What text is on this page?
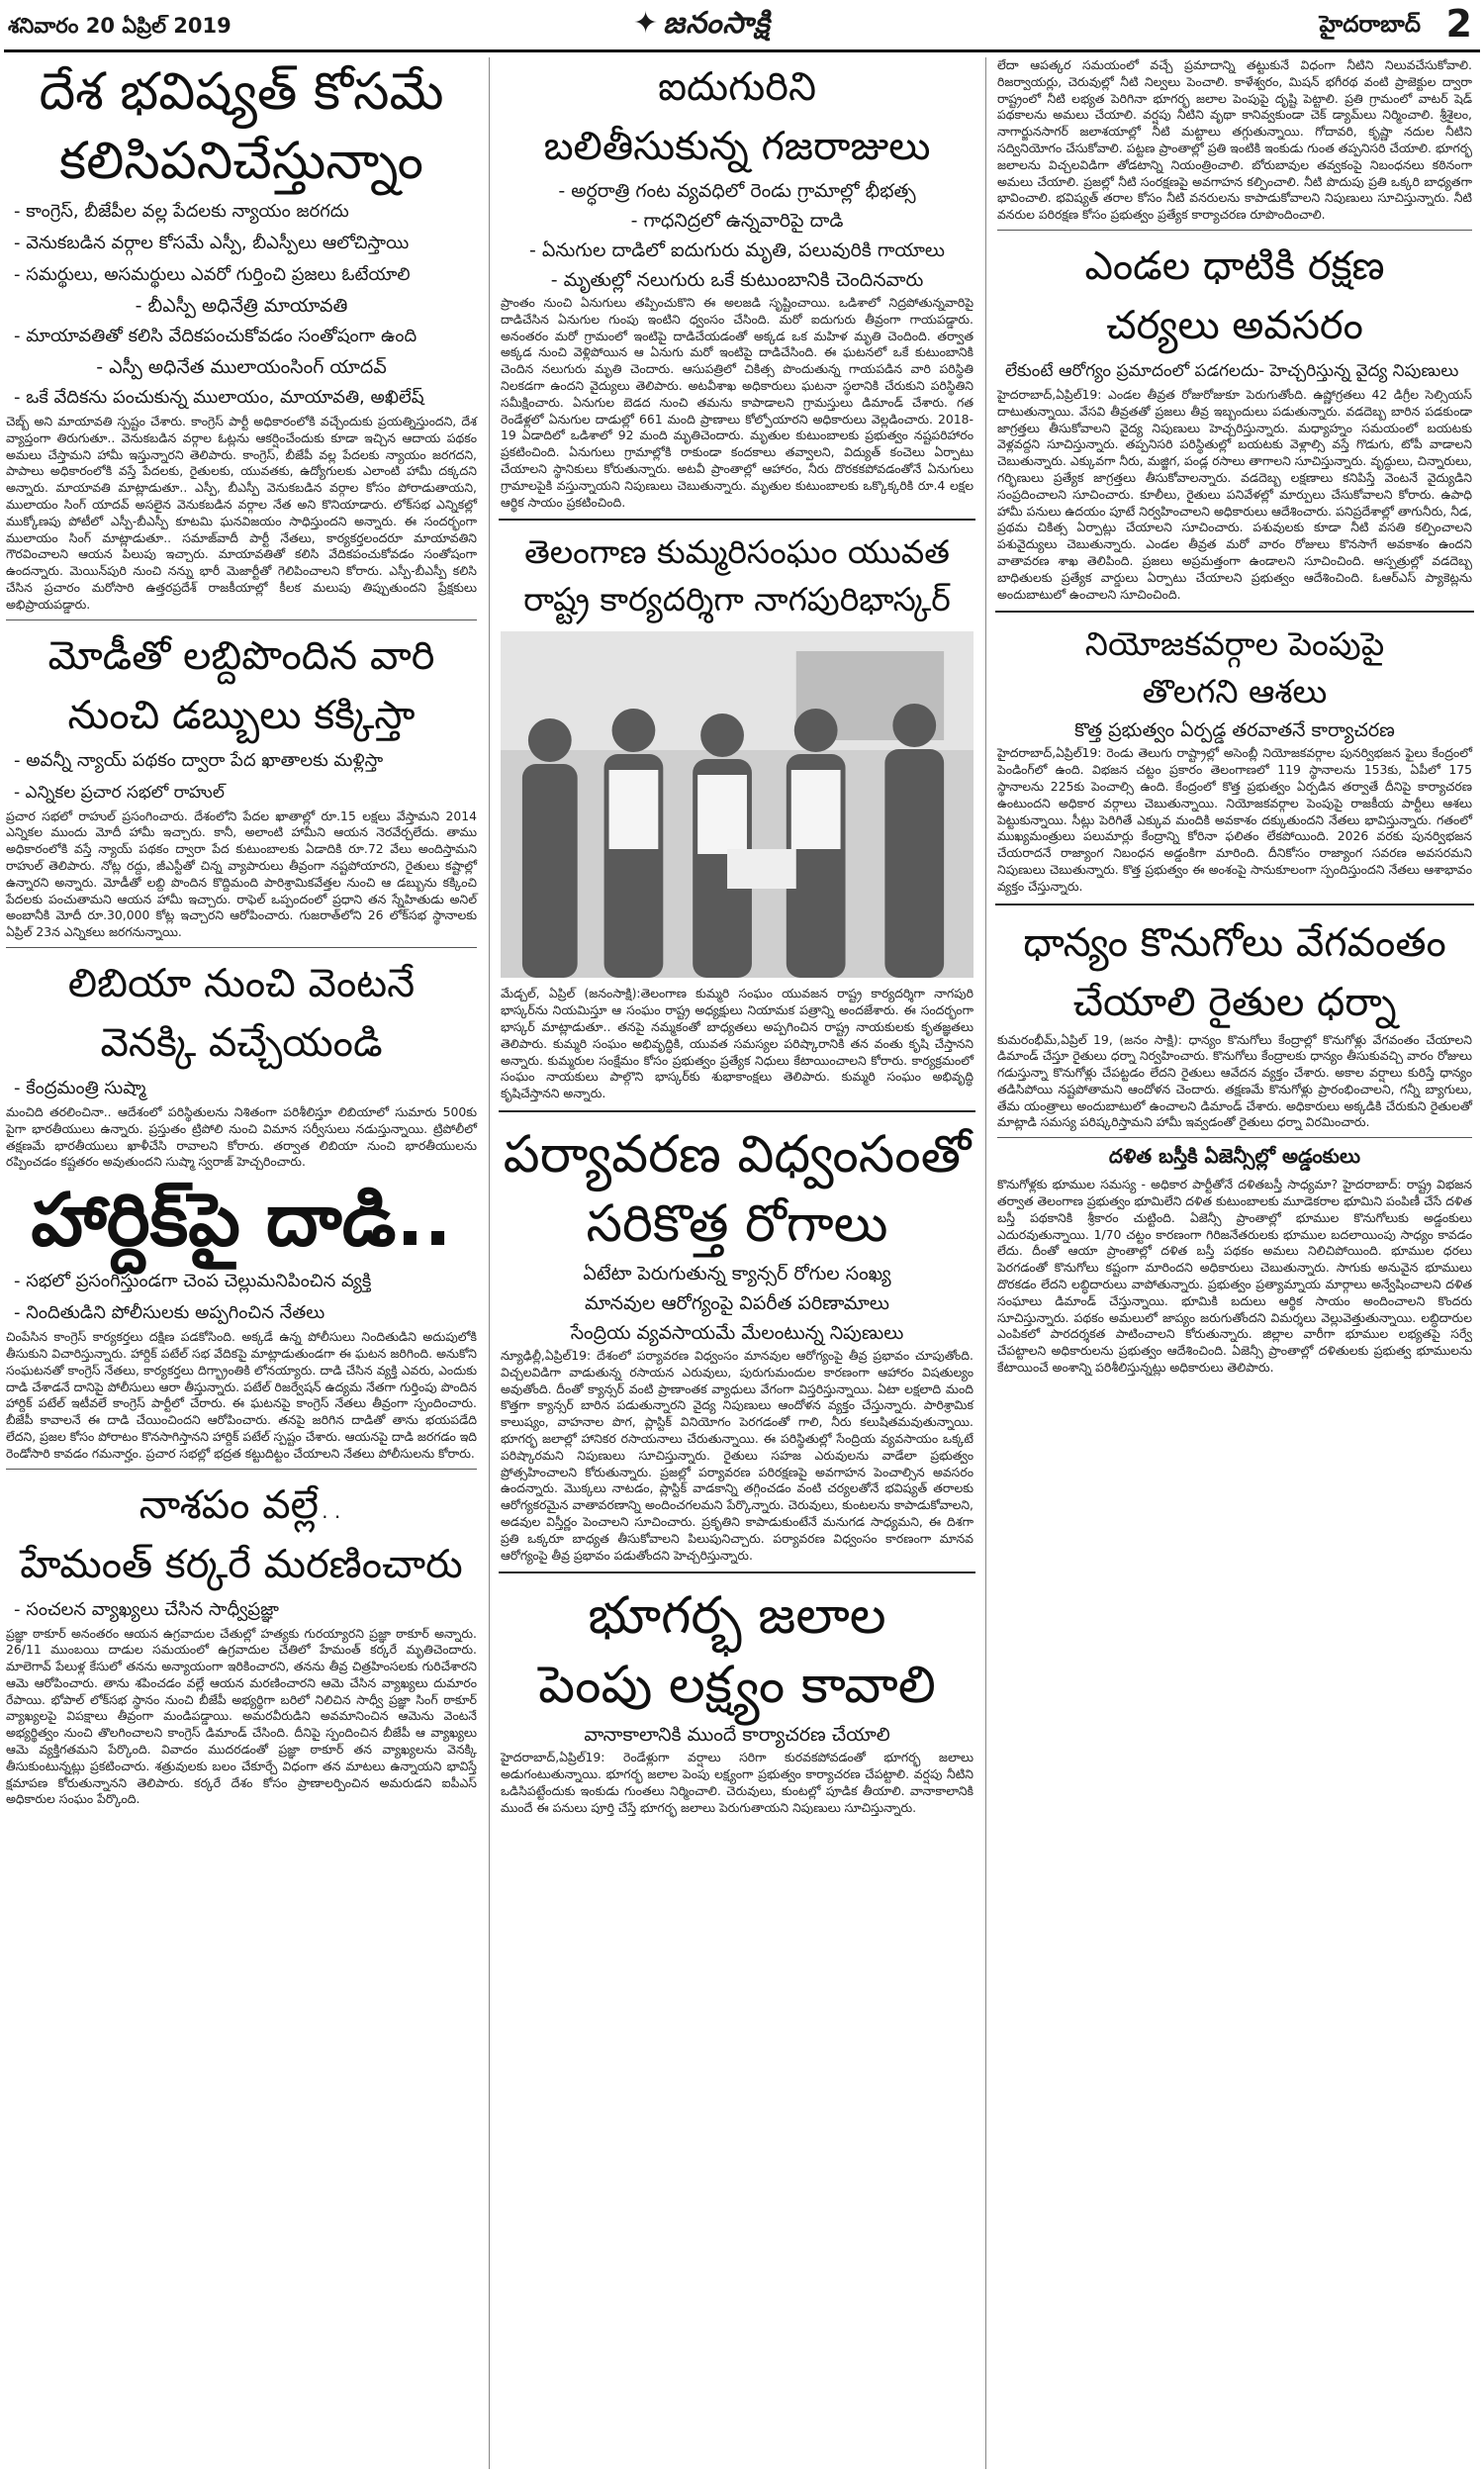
శనివారం 20 ఏప్రిల్ 2019	✦ జనంసాక్షి	హైదరాబాద్ 2
దేశ భవిష్యత్ కోసమే
కలిసిపనిచేస్తున్నాం

- కాంగ్రెస్, బీజేపీల వల్ల పేదలకు న్యాయం జరగదు

- వెనుకబడిన వర్గాల కోసమే ఎస్పీ, బీఎస్పీలు ఆలోచిస్తాయి

- సమర్థులు, అసమర్థులు ఎవరో గుర్తించి ప్రజలు ఓటేయాలి

- బీఎస్పీ అధినేత్రి మాయావతి

- మాయావతితో కలిసి వేదికపంచుకోవడం సంతోషంగా ఉంది

- ఎస్పీ అధినేత ములాయంసింగ్ యాదవ్

- ఒకే వేదికను పంచుకున్న ములాయం, మాయావతి, అఖిలేష్

చెబ్బ్ అని మాయావతి స్పష్టం చేశారు. కాంగ్రెస్ పార్టీ అధికారంలోకి వచ్చేందుకు ప్రయత్నిస్తుందని, దేశ వ్యాప్తంగా తిరుగుతూ.. వెనుకబడిన వర్గాల ఓట్లను ఆకర్షించేందుకు కూడా ఇచ్చిన ఆదాయ పథకం అమలు చేస్తామని హామీ ఇస్తున్నారని తెలిపారు. కాంగ్రెస్, బీజేపీ వల్ల పేదలకు న్యాయం జరగదని, పాపాలు అధికారంలోకి వస్తే పేదలకు, రైతులకు, యువతకు, ఉద్యోగులకు ఎలాంటి హామీ దక్కదని అన్నారు. మాయావతి మాట్లాడుతూ.. ఎస్పీ, బీఎస్పీ వెనుకబడిన వర్గాల కోసం పోరాడుతాయని, ములాయం సింగ్ యాదవ్ అసలైన వెనుకబడిన వర్గాల నేత అని కొనియాడారు. లోక్‌సభ ఎన్నికల్లో ముక్కోణపు పోటీలో ఎస్పీ-బీఎస్పీ కూటమి ఘనవిజయం సాధిస్తుందని అన్నారు. ఈ సందర్భంగా ములాయం సింగ్ మాట్లాడుతూ.. సమాజ్‌వాదీ పార్టీ నేతలు, కార్యకర్తలందరూ మాయావతిని గౌరవించాలని ఆయన పిలుపు ఇచ్చారు. మాయావతితో కలిసి వేదికపంచుకోవడం సంతోషంగా ఉందన్నారు. మెయిన్‌పురి నుంచి నన్ను భారీ మెజార్టీతో గెలిపించాలని కోరారు. ఎస్పీ-బీఎస్పీ కలిసి చేసిన ప్రచారం మరోసారి ఉత్తరప్రదేశ్ రాజకీయాల్లో కీలక మలుపు తిప్పుతుందని ప్రేక్షకులు అభిప్రాయపడ్డారు.

మోడీతో లబ్దిపొందిన వారి
నుంచి డబ్బులు కక్కిస్తా

- అవన్నీ న్యాయ్ పథకం ద్వారా పేద ఖాతాలకు మళ్లిస్తా

- ఎన్నికల ప్రచార సభలో రాహుల్

ప్రచార సభలో రాహుల్ ప్రసంగించారు. దేశంలోని పేదల ఖాతాల్లో రూ.15 లక్షలు వేస్తామని 2014 ఎన్నికల ముందు మోదీ హామీ ఇచ్చారు. కానీ, అలాంటి హామీని ఆయన నెరవేర్చలేదు. తాము అధికారంలోకి వస్తే న్యాయ్ పథకం ద్వారా పేద కుటుంబాలకు ఏడాదికి రూ.72 వేలు అందిస్తామని రాహుల్ తెలిపారు. నోట్ల రద్దు, జీఎస్టీతో చిన్న వ్యాపారులు తీవ్రంగా నష్టపోయారని, రైతులు కష్టాల్లో ఉన్నారని అన్నారు. మోడీతో లబ్ది పొందిన కొద్దిమంది పారిశ్రామికవేత్తల నుంచి ఆ డబ్బును కక్కించి పేదలకు పంచుతామని ఆయన హామీ ఇచ్చారు. రాఫెల్ ఒప్పందంలో ప్రధాని తన స్నేహితుడు అనిల్ అంబానీకి మోదీ రూ.30,000 కోట్ల ఇచ్చారని ఆరోపించారు. గుజరాత్‌లోని 26 లోక్‌సభ స్థానాలకు ఏప్రిల్ 23న ఎన్నికలు జరగనున్నాయి.

లిబియా నుంచి వెంటనే
వెనక్కి వచ్చేయండి

- కేంద్రమంత్రి సుష్మా

మంచిది తరలించినా.. ఆదేశంలో పరిస్థితులను నిశితంగా పరిశీలిస్తూ లిబియాలో సుమారు 500కు పైగా భారతీయులు ఉన్నారు. ప్రస్తుతం ట్రిపోలి నుంచి విమాన సర్వీసులు నడుస్తున్నాయి. ట్రిపోలీలో తక్షణమే భారతీయులు ఖాళీచేసి రావాలని కోరారు. తర్వాత లిబియా నుంచి భారతీయులను రప్పించడం కష్టతరం అవుతుందని సుష్మా స్వరాజ్ హెచ్చరించారు.

హార్దిక్‌పై దాడి..

- సభలో ప్రసంగిస్తుండగా చెంప చెల్లుమనిపించిన వ్యక్తి

- నిందితుడిని పోలీసులకు అప్పగించిన నేతలు

చింపేసిన కాంగ్రెస్ కార్యకర్తలు దక్షిణ పడకోసింది. అక్కడే ఉన్న పోలీసులు నిందితుడిని అదుపులోకి తీసుకుని విచారిస్తున్నారు. హార్దిక్ పటేల్ సభ వేదికపై మాట్లాడుతుండగా ఈ ఘటన జరిగింది. అనుకోని సంఘటనతో కాంగ్రెస్ నేతలు, కార్యకర్తలు దిగ్భ్రాంతికి లోనయ్యారు. దాడి చేసిన వ్యక్తి ఎవరు, ఎందుకు దాడి చేశాడనే దానిపై పోలీసులు ఆరా తీస్తున్నారు. పటేల్ రిజర్వేషన్ ఉద్యమ నేతగా గుర్తింపు పొందిన హార్దిక్ పటేల్ ఇటీవలే కాంగ్రెస్ పార్టీలో చేరారు. ఈ ఘటనపై కాంగ్రెస్ నేతలు తీవ్రంగా స్పందించారు. బీజేపీ కావాలనే ఈ దాడి చేయించిందని ఆరోపించారు. తనపై జరిగిన దాడితో తాను భయపడేది లేదని, ప్రజల కోసం పోరాటం కొనసాగిస్తానని హార్దిక్ పటేల్ స్పష్టం చేశారు. ఆయనపై దాడి జరగడం ఇది రెండోసారి కావడం గమనార్హం. ప్రచార సభల్లో భద్రత కట్టుదిట్టం చేయాలని నేతలు పోలీసులను కోరారు.

నాశపం వల్లే..
హేమంత్ కర్కరే మరణించారు

- సంచలన వ్యాఖ్యలు చేసిన సాధ్వీప్రజ్ఞా

ప్రజ్ఞా ఠాకూర్ అనంతరం ఆయన ఉగ్రవాదుల చేతుల్లో హత్యకు గురయ్యారని ప్రజ్ఞా ఠాకూర్ అన్నారు. 26/11 ముంబయి దాడుల సమయంలో ఉగ్రవాదుల చేతిలో హేమంత్ కర్కరే మృతిచెందారు. మాలెగావ్ పేలుళ్ల కేసులో తనను అన్యాయంగా ఇరికించారని, తనను తీవ్ర చిత్రహింసలకు గురిచేశారని ఆమె ఆరోపించారు. తాను శపించడం వల్లే ఆయన మరణించారని ఆమె చేసిన వ్యాఖ్యలు దుమారం రేపాయి. భోపాల్ లోక్‌సభ స్థానం నుంచి బీజేపీ అభ్యర్థిగా బరిలో నిలిచిన సాధ్వీ ప్రజ్ఞా సింగ్ ఠాకూర్ వ్యాఖ్యలపై విపక్షాలు తీవ్రంగా మండిపడ్డాయి. అమరవీరుడిని అవమానించిన ఆమెను వెంటనే అభ్యర్థిత్వం నుంచి తొలగించాలని కాంగ్రెస్ డిమాండ్ చేసింది. దీనిపై స్పందించిన బీజేపీ ఆ వ్యాఖ్యలు ఆమె వ్యక్తిగతమని పేర్కొంది. వివాదం ముదరడంతో ప్రజ్ఞా ఠాకూర్ తన వ్యాఖ్యలను వెనక్కి తీసుకుంటున్నట్లు ప్రకటించారు. శత్రువులకు బలం చేకూర్చే విధంగా తన మాటలు ఉన్నాయని భావిస్తే క్షమాపణ కోరుతున్నానని తెలిపారు. కర్కరే దేశం కోసం ప్రాణాలర్పించిన అమరుడని ఐపీఎస్ అధికారుల సంఘం పేర్కొంది.

ఐదుగురిని
బలితీసుకున్న గజరాజులు

- అర్ధరాత్రి గంట వ్యవధిలో రెండు గ్రామాల్లో భీభత్స

- గాధనిద్రలో ఉన్నవారిపై దాడి

- ఏనుగుల దాడిలో ఐదుగురు మృతి, పలువురికి గాయాలు

- మృతుల్లో నలుగురు ఒకే కుటుంబానికి చెందినవారు

ప్రాంతం నుంచి ఏనుగులు తప్పించుకొని ఈ అలజడి సృష్టించాయి. ఒడిశాలో నిద్రపోతున్నవారిపై దాడిచేసిన ఏనుగుల గుంపు ఇంటిని ధ్వంసం చేసింది. మరో ఐదుగురు తీవ్రంగా గాయపడ్డారు. అనంతరం మరో గ్రామంలో ఇంటిపై దాడిచేయడంతో అక్కడ ఒక మహిళ మృతి చెందింది. తర్వాత అక్కడ నుంచి వెళ్లిపోయిన ఆ ఏనుగు మరో ఇంటిపై దాడిచేసింది. ఈ ఘటనలో ఒకే కుటుంబానికి చెందిన నలుగురు మృతి చెందారు. ఆసుపత్రిలో చికిత్స పొందుతున్న గాయపడిన వారి పరిస్థితి నిలకడగా ఉందని వైద్యులు తెలిపారు. అటవీశాఖ అధికారులు ఘటనా స్థలానికి చేరుకుని పరిస్థితిని సమీక్షించారు. ఏనుగుల బెడద నుంచి తమను కాపాడాలని గ్రామస్తులు డిమాండ్ చేశారు. గత రెండేళ్లలో ఏనుగుల దాడుల్లో 661 మంది ప్రాణాలు కోల్పోయారని అధికారులు వెల్లడించారు. 2018-19 ఏడాదిలో ఒడిశాలో 92 మంది మృతిచెందారు. మృతుల కుటుంబాలకు ప్రభుత్వం నష్టపరిహారం ప్రకటించింది. ఏనుగులు గ్రామాల్లోకి రాకుండా కందకాలు తవ్వాలని, విద్యుత్ కంచెలు ఏర్పాటు చేయాలని స్థానికులు కోరుతున్నారు. అటవీ ప్రాంతాల్లో ఆహారం, నీరు దొరకకపోవడంతోనే ఏనుగులు గ్రామాలపైకి వస్తున్నాయని నిపుణులు చెబుతున్నారు. మృతుల కుటుంబాలకు ఒక్కొక్కరికి రూ.4 లక్షల ఆర్థిక సాయం ప్రకటించింది.

తెలంగాణ కుమ్మరిసంఘం యువత
రాష్ట్ర కార్యదర్శిగా నాగపురిభాస్కర్

మేడ్చల్, ఏప్రిల్ (జనంసాక్షి):తెలంగాణ కుమ్మరి సంఘం యువజన రాష్ట్ర కార్యదర్శిగా నాగపురి భాస్కర్‌ను నియమిస్తూ ఆ సంఘం రాష్ట్ర అధ్యక్షులు నియామక పత్రాన్ని అందజేశారు. ఈ సందర్భంగా భాస్కర్ మాట్లాడుతూ.. తనపై నమ్మకంతో బాధ్యతలు అప్పగించిన రాష్ట్ర నాయకులకు కృతజ్ఞతలు తెలిపారు. కుమ్మరి సంఘం అభివృద్ధికి, యువత సమస్యల పరిష్కారానికి తన వంతు కృషి చేస్తానని అన్నారు. కుమ్మరుల సంక్షేమం కోసం ప్రభుత్వం ప్రత్యేక నిధులు కేటాయించాలని కోరారు. కార్యక్రమంలో సంఘం నాయకులు పాల్గొని భాస్కర్‌కు శుభాకాంక్షలు తెలిపారు. కుమ్మరి సంఘం అభివృద్ధి కృషిచేస్తానని అన్నారు.

పర్యావరణ విధ్వంసంతో
సరికొత్త రోగాలు

ఏటేటా పెరుగుతున్న క్యాన్సర్ రోగుల సంఖ్య

మానవుల ఆరోగ్యంపై విపరీత పరిణామాలు

సేంద్రియ వ్యవసాయమే మేలంటున్న నిపుణులు

న్యూఢిల్లీ,ఏప్రిల్19: దేశంలో పర్యావరణ విధ్వంసం మానవుల ఆరోగ్యంపై తీవ్ర ప్రభావం చూపుతోంది. విచ్చలవిడిగా వాడుతున్న రసాయన ఎరువులు, పురుగుమందుల కారణంగా ఆహారం విషతుల్యం అవుతోంది. దీంతో క్యాన్సర్ వంటి ప్రాణాంతక వ్యాధులు వేగంగా విస్తరిస్తున్నాయి. ఏటా లక్షలాది మంది కొత్తగా క్యాన్సర్ బారిన పడుతున్నారని వైద్య నిపుణులు ఆందోళన వ్యక్తం చేస్తున్నారు. పారిశ్రామిక కాలుష్యం, వాహనాల పొగ, ప్లాస్టిక్ వినియోగం పెరగడంతో గాలి, నీరు కలుషితమవుతున్నాయి. భూగర్భ జలాల్లో హానికర రసాయనాలు చేరుతున్నాయి. ఈ పరిస్థితుల్లో సేంద్రియ వ్యవసాయం ఒక్కటే పరిష్కారమని నిపుణులు సూచిస్తున్నారు. రైతులు సహజ ఎరువులను వాడేలా ప్రభుత్వం ప్రోత్సహించాలని కోరుతున్నారు. ప్రజల్లో పర్యావరణ పరిరక్షణపై అవగాహన పెంచాల్సిన అవసరం ఉందన్నారు. మొక్కలు నాటడం, ప్లాస్టిక్ వాడకాన్ని తగ్గించడం వంటి చర్యలతోనే భవిష్యత్ తరాలకు ఆరోగ్యకరమైన వాతావరణాన్ని అందించగలమని పేర్కొన్నారు. చెరువులు, కుంటలను కాపాడుకోవాలని, అడవుల విస్తీర్ణం పెంచాలని సూచించారు. ప్రకృతిని కాపాడుకుంటేనే మనుగడ సాధ్యమని, ఈ దిశగా ప్రతి ఒక్కరూ బాధ్యత తీసుకోవాలని పిలుపునిచ్చారు. పర్యావరణ విధ్వంసం కారణంగా మానవ ఆరోగ్యంపై తీవ్ర ప్రభావం పడుతోందని హెచ్చరిస్తున్నారు.

భూగర్భ జలాల
పెంపు లక్ష్యం కావాలి

వానాకాలానికి ముందే కార్యాచరణ చేయాలి

హైదరాబాద్,ఏప్రిల్19: రెండేళ్లుగా వర్షాలు సరిగా కురవకపోవడంతో భూగర్భ జలాలు అడుగంటుతున్నాయి. భూగర్భ జలాల పెంపు లక్ష్యంగా ప్రభుత్వం కార్యాచరణ చేపట్టాలి. వర్షపు నీటిని ఒడిసిపట్టేందుకు ఇంకుడు గుంతలు నిర్మించాలి. చెరువులు, కుంటల్లో పూడిక తీయాలి. వానాకాలానికి ముందే ఈ పనులు పూర్తి చేస్తే భూగర్భ జలాలు పెరుగుతాయని నిపుణులు సూచిస్తున్నారు.

లేదా ఆపత్కర సమయంలో వచ్చే ప్రమాదాన్ని తట్టుకునే విధంగా నీటిని నిలువచేసుకోవాలి. రిజర్వాయర్లు, చెరువుల్లో నీటి నిల్వలు పెంచాలి. కాళేశ్వరం, మిషన్ భగీరథ వంటి ప్రాజెక్టుల ద్వారా రాష్ట్రంలో నీటి లభ్యత పెరిగినా భూగర్భ జలాల పెంపుపై దృష్టి పెట్టాలి. ప్రతి గ్రామంలో వాటర్ షెడ్ పథకాలను అమలు చేయాలి. వర్షపు నీటిని వృథా కానివ్వకుండా చెక్ డ్యామ్‌లు నిర్మించాలి. శ్రీశైలం, నాగార్జునసాగర్ జలాశయాల్లో నీటి మట్టాలు తగ్గుతున్నాయి. గోదావరి, కృష్ణా నదుల నీటిని సద్వినియోగం చేసుకోవాలి. పట్టణ ప్రాంతాల్లో ప్రతి ఇంటికి ఇంకుడు గుంత తప్పనిసరి చేయాలి. భూగర్భ జలాలను విచ్చలవిడిగా తోడటాన్ని నియంత్రించాలి. బోరుబావుల తవ్వకంపై నిబంధనలు కఠినంగా అమలు చేయాలి. ప్రజల్లో నీటి సంరక్షణపై అవగాహన కల్పించాలి. నీటి పొదుపు ప్రతి ఒక్కరి బాధ్యతగా భావించాలి. భవిష్యత్ తరాల కోసం నీటి వనరులను కాపాడుకోవాలని నిపుణులు సూచిస్తున్నారు. నీటి వనరుల పరిరక్షణ కోసం ప్రభుత్వం ప్రత్యేక కార్యాచరణ రూపొందించాలి.

ఎండల ధాటికి రక్షణ
చర్యలు అవసరం

లేకుంటే ఆరోగ్యం ప్రమాదంలో పడగలదు- హెచ్చరిస్తున్న వైద్య నిపుణులు

హైదరాబాద్,ఏప్రిల్19: ఎండల తీవ్రత రోజురోజుకూ పెరుగుతోంది. ఉష్ణోగ్రతలు 42 డిగ్రీల సెల్సియస్ దాటుతున్నాయి. వేసవి తీవ్రతతో ప్రజలు తీవ్ర ఇబ్బందులు పడుతున్నారు. వడదెబ్బ బారిన పడకుండా జాగ్రత్తలు తీసుకోవాలని వైద్య నిపుణులు హెచ్చరిస్తున్నారు. మధ్యాహ్నం సమయంలో బయటకు వెళ్లవద్దని సూచిస్తున్నారు. తప్పనిసరి పరిస్థితుల్లో బయటకు వెళ్లాల్సి వస్తే గొడుగు, టోపీ వాడాలని చెబుతున్నారు. ఎక్కువగా నీరు, మజ్జిగ, పండ్ల రసాలు తాగాలని సూచిస్తున్నారు. వృద్ధులు, చిన్నారులు, గర్భిణులు ప్రత్యేక జాగ్రత్తలు తీసుకోవాలన్నారు. వడదెబ్బ లక్షణాలు కనిపిస్తే వెంటనే వైద్యుడిని సంప్రదించాలని సూచించారు. కూలీలు, రైతులు పనివేళల్లో మార్పులు చేసుకోవాలని కోరారు. ఉపాధి హామీ పనులు ఉదయం పూటే నిర్వహించాలని అధికారులు ఆదేశించారు. పనిప్రదేశాల్లో తాగునీరు, నీడ, ప్రథమ చికిత్స ఏర్పాట్లు చేయాలని సూచించారు. పశువులకు కూడా నీటి వసతి కల్పించాలని పశువైద్యులు చెబుతున్నారు. ఎండల తీవ్రత మరో వారం రోజులు కొనసాగే అవకాశం ఉందని వాతావరణ శాఖ తెలిపింది. ప్రజలు అప్రమత్తంగా ఉండాలని సూచించింది. ఆస్పత్రుల్లో వడదెబ్బ బాధితులకు ప్రత్యేక వార్డులు ఏర్పాటు చేయాలని ప్రభుత్వం ఆదేశించింది. ఓఆర్ఎస్ ప్యాకెట్లను అందుబాటులో ఉంచాలని సూచించింది.

నియోజకవర్గాల పెంపుపై
తొలగని ఆశలు

కొత్త ప్రభుత్వం ఏర్పడ్డ తరవాతనే కార్యాచరణ

హైదరాబాద్,ఏప్రిల్19: రెండు తెలుగు రాష్ట్రాల్లో అసెంబ్లీ నియోజకవర్గాల పునర్విభజన ఫైలు కేంద్రంలో పెండింగ్‌లో ఉంది. విభజన చట్టం ప్రకారం తెలంగాణలో 119 స్థానాలను 153కు, ఏపీలో 175 స్థానాలను 225కు పెంచాల్సి ఉంది. కేంద్రంలో కొత్త ప్రభుత్వం ఏర్పడిన తర్వాతే దీనిపై కార్యాచరణ ఉంటుందని అధికార వర్గాలు చెబుతున్నాయి. నియోజకవర్గాల పెంపుపై రాజకీయ పార్టీలు ఆశలు పెట్టుకున్నాయి. సీట్లు పెరిగితే ఎక్కువ మందికి అవకాశం దక్కుతుందని నేతలు భావిస్తున్నారు. గతంలో ముఖ్యమంత్రులు పలుమార్లు కేంద్రాన్ని కోరినా ఫలితం లేకపోయింది. 2026 వరకు పునర్విభజన చేయరాదనే రాజ్యాంగ నిబంధన అడ్డంకిగా మారింది. దీనికోసం రాజ్యాంగ సవరణ అవసరమని నిపుణులు చెబుతున్నారు. కొత్త ప్రభుత్వం ఈ అంశంపై సానుకూలంగా స్పందిస్తుందని నేతలు ఆశాభావం వ్యక్తం చేస్తున్నారు.

ధాన్యం కొనుగోలు వేగవంతం
చేయాలి రైతుల ధర్నా

కుమరంభీమ్,ఏప్రిల్ 19, (జనం సాక్షి): ధాన్యం కొనుగోలు కేంద్రాల్లో కొనుగోళ్లు వేగవంతం చేయాలని డిమాండ్ చేస్తూ రైతులు ధర్నా నిర్వహించారు. కొనుగోలు కేంద్రాలకు ధాన్యం తీసుకువచ్చి వారం రోజులు గడుస్తున్నా కొనుగోళ్లు చేపట్టడం లేదని రైతులు ఆవేదన వ్యక్తం చేశారు. అకాల వర్షాలు కురిస్తే ధాన్యం తడిసిపోయి నష్టపోతామని ఆందోళన చెందారు. తక్షణమే కొనుగోళ్లు ప్రారంభించాలని, గన్నీ బ్యాగులు, తేమ యంత్రాలు అందుబాటులో ఉంచాలని డిమాండ్ చేశారు. అధికారులు అక్కడికి చేరుకుని రైతులతో మాట్లాడి సమస్య పరిష్కరిస్తామని హామీ ఇవ్వడంతో రైతులు ధర్నా విరమించారు.

దళిత బస్తీకి ఏజెన్సీల్లో అడ్డంకులు

కొనుగోళ్లకు భూముల సమస్య - అధికార పార్టీతోనే దళితబస్తీ సాధ్యమా? హైదరాబాద్: రాష్ట్ర విభజన తర్వాత తెలంగాణ ప్రభుత్వం భూమిలేని దళిత కుటుంబాలకు మూడెకరాల భూమిని పంపిణీ చేసే దళిత బస్తీ పథకానికి శ్రీకారం చుట్టింది. ఏజెన్సీ ప్రాంతాల్లో భూముల కొనుగోలుకు అడ్డంకులు ఎదురవుతున్నాయి. 1/70 చట్టం కారణంగా గిరిజనేతరులకు భూముల బదలాయింపు సాధ్యం కావడం లేదు. దీంతో ఆయా ప్రాంతాల్లో దళిత బస్తీ పథకం అమలు నిలిచిపోయింది. భూముల ధరలు పెరగడంతో కొనుగోలు కష్టంగా మారిందని అధికారులు చెబుతున్నారు. సాగుకు అనువైన భూములు దొరకడం లేదని లబ్ధిదారులు వాపోతున్నారు. ప్రభుత్వం ప్రత్యామ్నాయ మార్గాలు అన్వేషించాలని దళిత సంఘాలు డిమాండ్ చేస్తున్నాయి. భూమికి బదులు ఆర్థిక సాయం అందించాలని కొందరు సూచిస్తున్నారు. పథకం అమలులో జాప్యం జరుగుతోందని విమర్శలు వెల్లువెత్తుతున్నాయి. లబ్ధిదారుల ఎంపికలో పారదర్శకత పాటించాలని కోరుతున్నారు. జిల్లాల వారీగా భూముల లభ్యతపై సర్వే చేపట్టాలని అధికారులను ప్రభుత్వం ఆదేశించింది. ఏజెన్సీ ప్రాంతాల్లో దళితులకు ప్రభుత్వ భూములను కేటాయించే అంశాన్ని పరిశీలిస్తున్నట్లు అధికారులు తెలిపారు.
